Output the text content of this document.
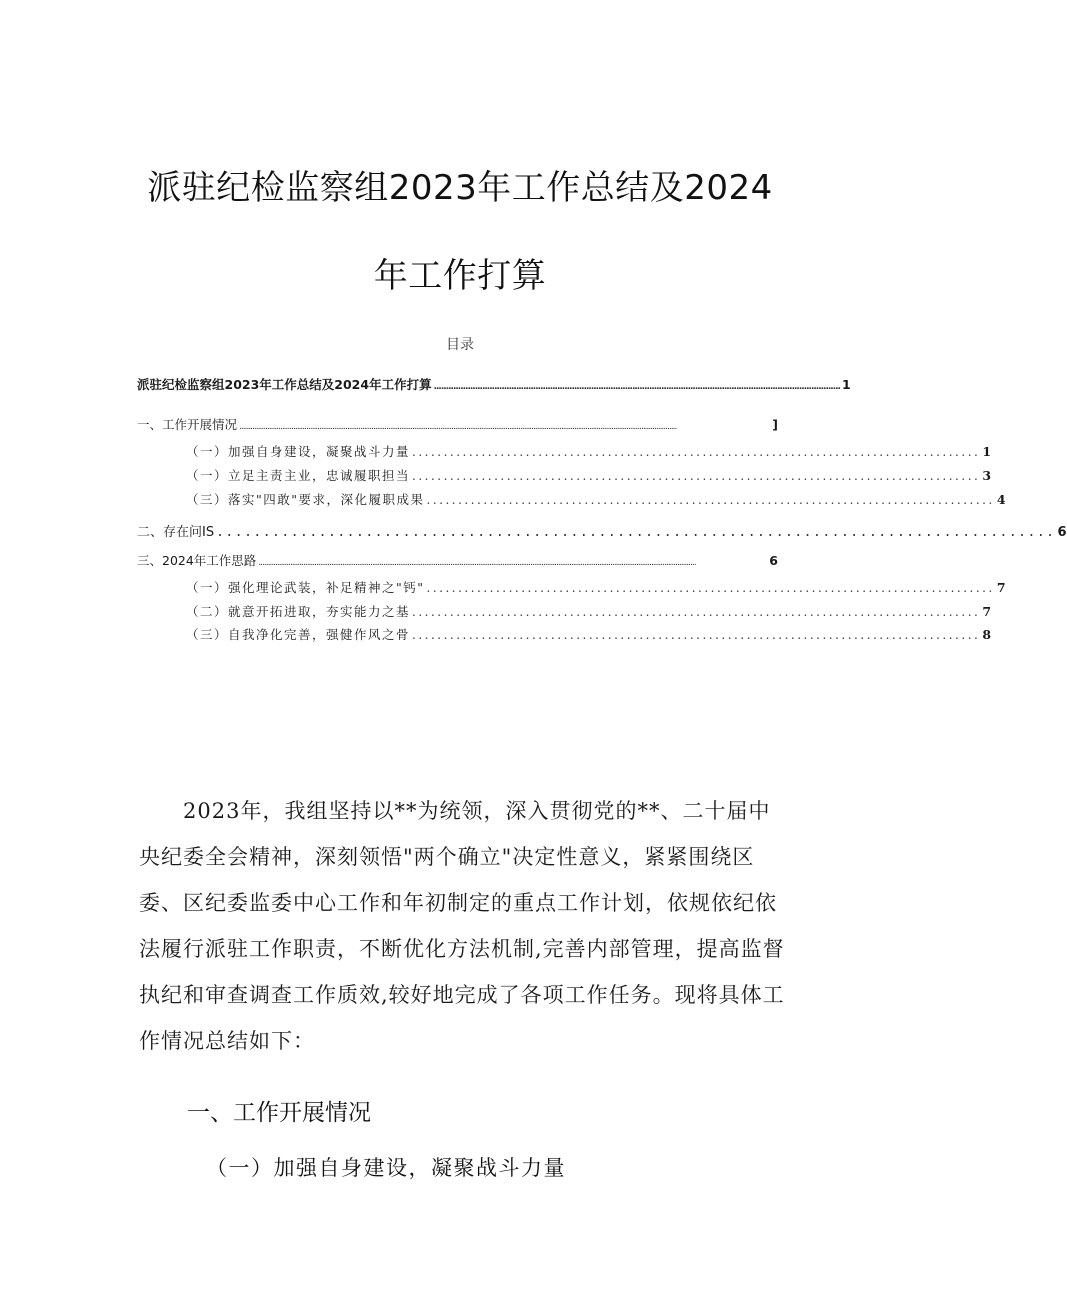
派驻纪检监察组2023年工作总结及2024
年工作打算
目录
派驻纪检监察组2023年工作总结及2024年工作打算 ........................................................................................................................................................................ 1
一、工作开展情况 ...........................................................................................................................................................................................................................................	]
（一）加强自身建设，凝聚战斗力量 .......................................................................................... 1
（一）立足主责主业，忠诚履职担当 .......................................................................................... 3
（三）落实"四敢"要求，深化履职成果 .......................................................................................... 4
二、存在问IS .......................................................................................... 6
三、2024年工作思路 ...........................................................................................................................................................................................................................................	6
（一）强化理论武装，补足精神之"钙" .......................................................................................... 7
（二）就意开拓进取，夯实能力之基 .......................................................................................... 7
（三）自我净化完善，强健作风之骨 .......................................................................................... 8

2023年，我组坚持以**为统领，深入贯彻党的**、二十届中央纪委全会精神，深刻领悟"两个确立"决定性意义，紧紧围绕区委、区纪委监委中心工作和年初制定的重点工作计划，依规依纪依法履行派驻工作职责，不断优化方法机制,完善内部管理，提高监督执纪和审查调查工作质效,较好地完成了各项工作任务。现将具体工作情况总结如下：

一、工作开展情况
（一）加强自身建设，凝聚战斗力量
